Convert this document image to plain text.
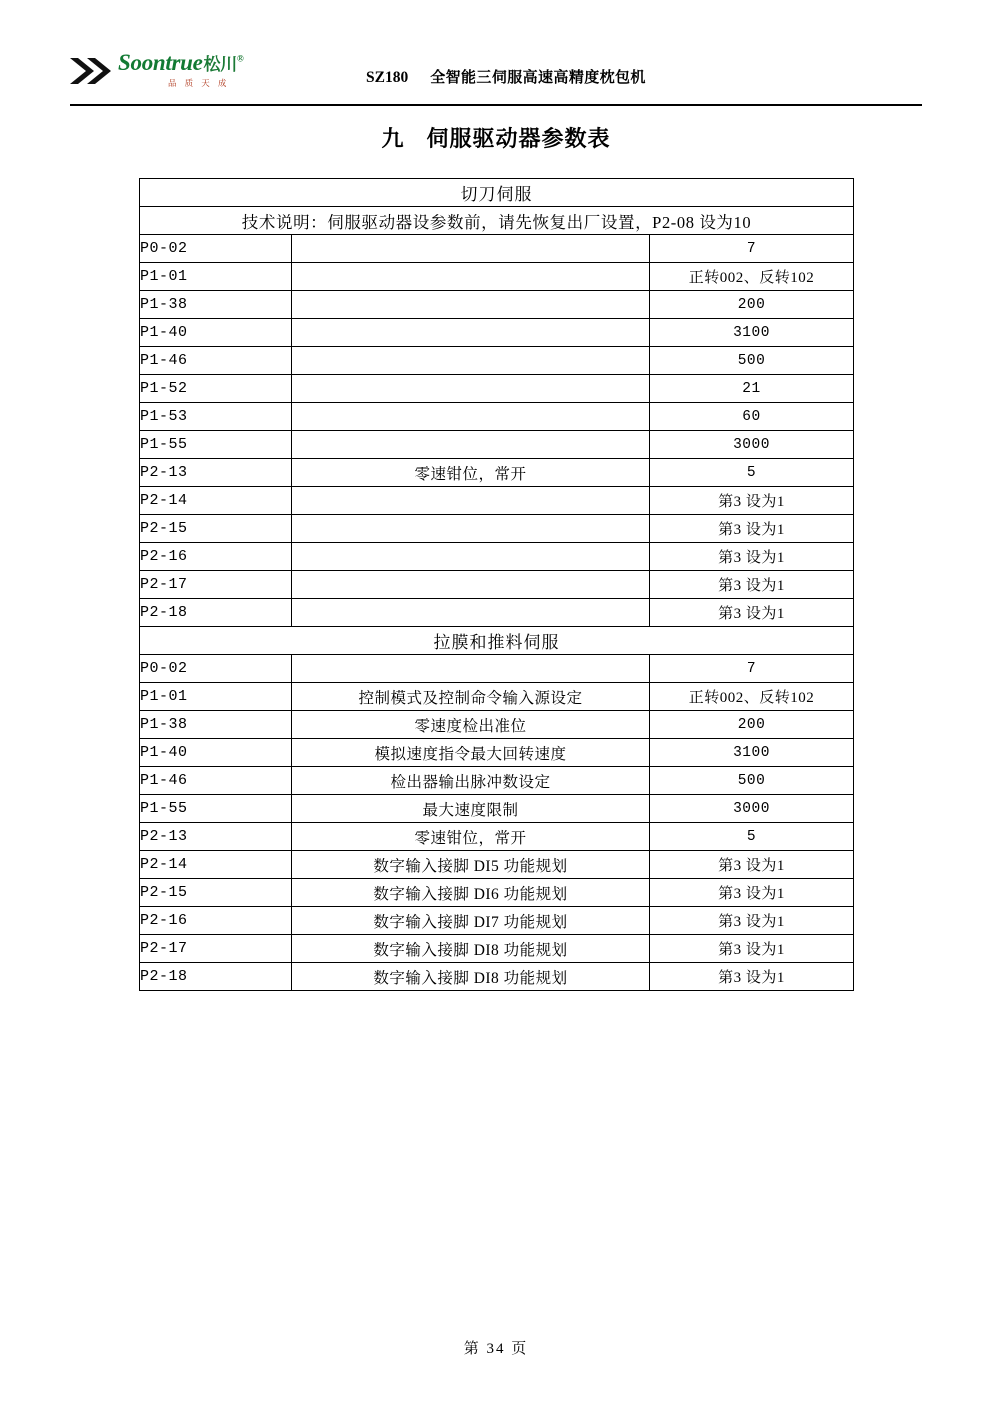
Soontrue松川®
品 质 天 成	SZ180 全智能三伺服高速高精度枕包机
九 伺服驱动器参数表
切刀伺服		
技术说明：伺服驱动器设参数前，请先恢复出厂设置，P2-08 设为10		
P0-02		7
P1-01		正转002、反转102
P1-38		200
P1-40		3100
P1-46		500
P1-52		21
P1-53		60
P1-55		3000
P2-13	零速钳位，常开	5
P2-14		第3 设为1
P2-15		第3 设为1
P2-16		第3 设为1
P2-17		第3 设为1
P2-18		第3 设为1
拉膜和推料伺服		
P0-02		7
P1-01	控制模式及控制命令输入源设定	正转002、反转102
P1-38	零速度检出准位	200
P1-40	模拟速度指令最大回转速度	3100
P1-46	检出器输出脉冲数设定	500
P1-55	最大速度限制	3000
P2-13	零速钳位，常开	5
P2-14	数字输入接脚 DI5 功能规划	第3 设为1
P2-15	数字输入接脚 DI6 功能规划	第3 设为1
P2-16	数字输入接脚 DI7 功能规划	第3 设为1
P2-17	数字输入接脚 DI8 功能规划	第3 设为1
P2-18	数字输入接脚 DI8 功能规划	第3 设为1
第 34 页
